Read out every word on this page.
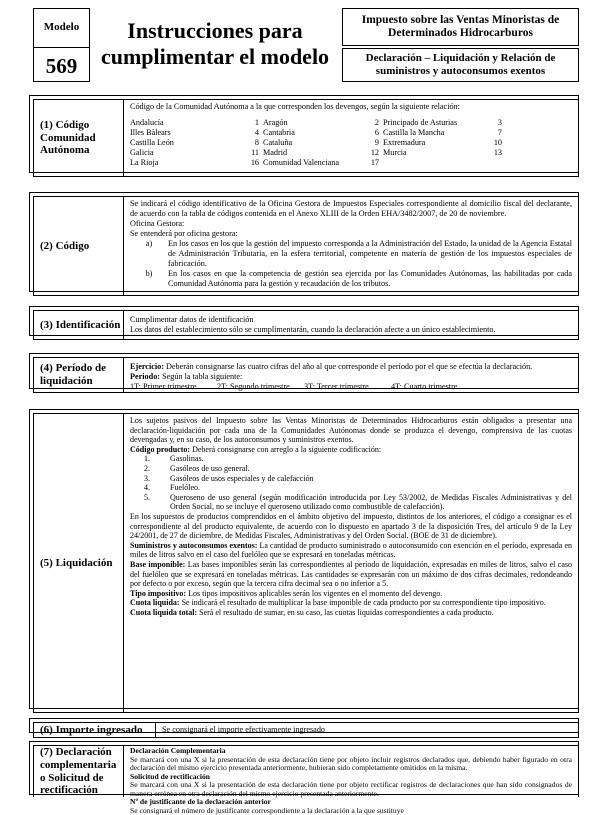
Modelo
569
Instrucciones para
cumplimentar el modelo
Impuesto sobre las Ventas Minoristas de Determinados Hidrocarburos
Declaración – Liquidación y Relación de suministros y autoconsumos exentos
(1) Código
Comunidad
Autónoma
Código de la Comunidad Autónoma a la que corresponden los devengos, según la siguiente relación:
Andalucía	1 Aragón	2 Principado de Asturias	3
Illes Bàlears	4 Cantabria	6 Castilla la Mancha	7
Castilla León	8 Cataluña	9 Extremadura	10
Galicia	11 Madrid	12 Murcia	13
La Rioja	16 Comunidad Valenciana	17
(2) Código
Se indicará el código identificativo de la Oficina Gestora de Impuestos Especiales correspondiente al domicilio fiscal del declarante, de acuerdo con la tabla de códigos contenida en el Anexo XLIII de la Orden EHA/3482/2007, de 20 de noviembre.
Oficina Gestora:
Se entenderá por oficina gestora:
a)	En los casos en los que la gestión del impuesto corresponda a la Administración del Estado, la unidad de la Agencia Estatal de Administración Tributaria, en la esfera territorial, competente en materia de gestión de los impuestos especiales de fabricación.
b)	En los casos en que la competencia de gestión sea ejercida por las Comunidades Autónomas, las habilitadas por cada Comunidad Autónoma para la gestión y recaudación de los tributos.
(3) Identificación	Cumplimentar datos de identificación
Los datos del establecimiento sólo se cumplimentarán, cuando la declaración afecte a un único establecimiento.
(4) Período de
liquidación
Ejercicio: Deberán consignarse las cuatro cifras del año al que corresponde el período por el que se efectúa la declaración.
Periodo: Según la tabla siguiente:
1T: Primer trimestre	2T: Segundo trimestre	3T: Tercer trimestre	4T: Cuarto trimestre
(5) Liquidación
Los sujetos pasivos del Impuesto sobre las Ventas Minoristas de Determinados Hidrocarburos están obligados a presentar una declaración-liquidación por cada una de la Comunidades Autónomas donde se produzca el devengo, comprensiva de las cuotas devengadas y, en su caso, de los autoconsumos y suministros exentos.
Código producto: Deberá consignarse con arreglo a la siguiente codificación:
1.	Gasolinas.
2.	Gasóleos de uso general.
3.	Gasóleos de usos especiales y de calefacción
4.	Fuelóleo.
5.	Queroseno de uso general (según modificación introducida por Ley 53/2002, de Medidas Fiscales Administrativas y del Orden Social, no se incluye el queroseno utilizado como combustible de calefacción).
En los supuestos de productos comprendidos en el ámbito objetivo del impuesto, distintos de los anteriores, el código a consignar es el correspondiente al del producto equivalente, de acuerdo con lo dispuesto en apartado 3 de la disposición Tres, del artículo 9 de la Ley 24/2001, de 27 de diciembre, de Medidas Fiscales, Administrativas y del Orden Social. (BOE de 31 de diciembre).
Suministros y autoconsumos exentos: La cantidad de producto suministrado o autoconsumido con exención en el período, expresada en miles de litros salvo en el caso del fuelóleo que se expresará en toneladas métricas.
Base imponible: Las bases imponibles serán las correspondientes al período de liquidación, expresadas en miles de litros, salvo el caso del fuelóleo que se expresará en toneladas métricas. Las cantidades se expresarán con un máximo de dos cifras decimales, redondeando por defecto o por exceso, según que la tercera cifra decimal sea o no inferior a 5.
Tipo impositivo: Los tipos impositivos aplicables serán los vigentes en el momento del devengo.
Cuota liquida: Se indicará el resultado de multiplicar la base imponible de cada producto por su correspondiente tipo impositivo.
Cuota liquida total: Será el resultado de sumar, en su caso, las cuotas liquidas correspondientes a cada producto.
(6) Importe ingresado	Se consignará el importe efectivamente ingresado
(7) Declaración
complementaria
o Solicitud de
rectificación
Declaración Complementaria
Se marcará con una X si la presentación de esta declaración tiene por objeto incluir registros declarados que, debiendo haber figurado en otra declaración del mismo ejercicio presentada anteriormente, hubieran sido completamente omitidos en la misma.
Solicitud de rectificación
Se marcará con una X si la presentación de esta declaración tiene por objeto rectificar registros de declaraciones que han sido consignados de manera errónea en otra declaración del mismo ejercicio presentada anteriormente.
Nº de justificante de la declaración anterior
Se consignará el número de justificante correspondiente a la declaración a la que sustituye
